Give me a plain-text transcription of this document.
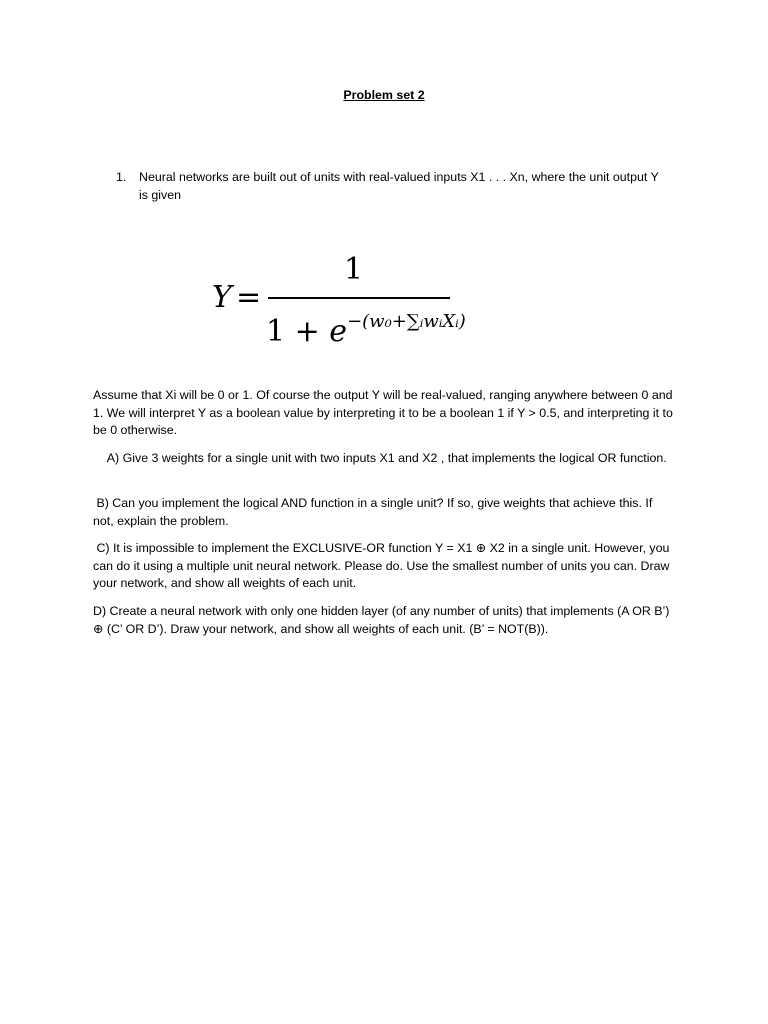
Problem set 2
1. Neural networks are built out of units with real-valued inputs X1 . . . Xn, where the unit output Y is given
Y =
1
$1 + e^{-(w_0+\sum ᵢwᵢXᵢ)}$
Assume that Xi will be 0 or 1. Of course the output Y will be real-valued, ranging anywhere between 0 and 1. We will interpret Y as a boolean value by interpreting it to be a boolean 1 if Y > 0.5, and interpreting it to be 0 otherwise.
A) Give 3 weights for a single unit with two inputs X1 and X2 , that implements the logical OR function.
B) Can you implement the logical AND function in a single unit? If so, give weights that achieve this. If not, explain the problem.
C) It is impossible to implement the EXCLUSIVE-OR function Y = X1 ⊕ X2 in a single unit. However, you can do it using a multiple unit neural network. Please do. Use the smallest number of units you can. Draw your network, and show all weights of each unit.
D) Create a neural network with only one hidden layer (of any number of units) that implements (A OR B’) ⊕ (C’ OR D’). Draw your network, and show all weights of each unit. (B’ = NOT(B)).
